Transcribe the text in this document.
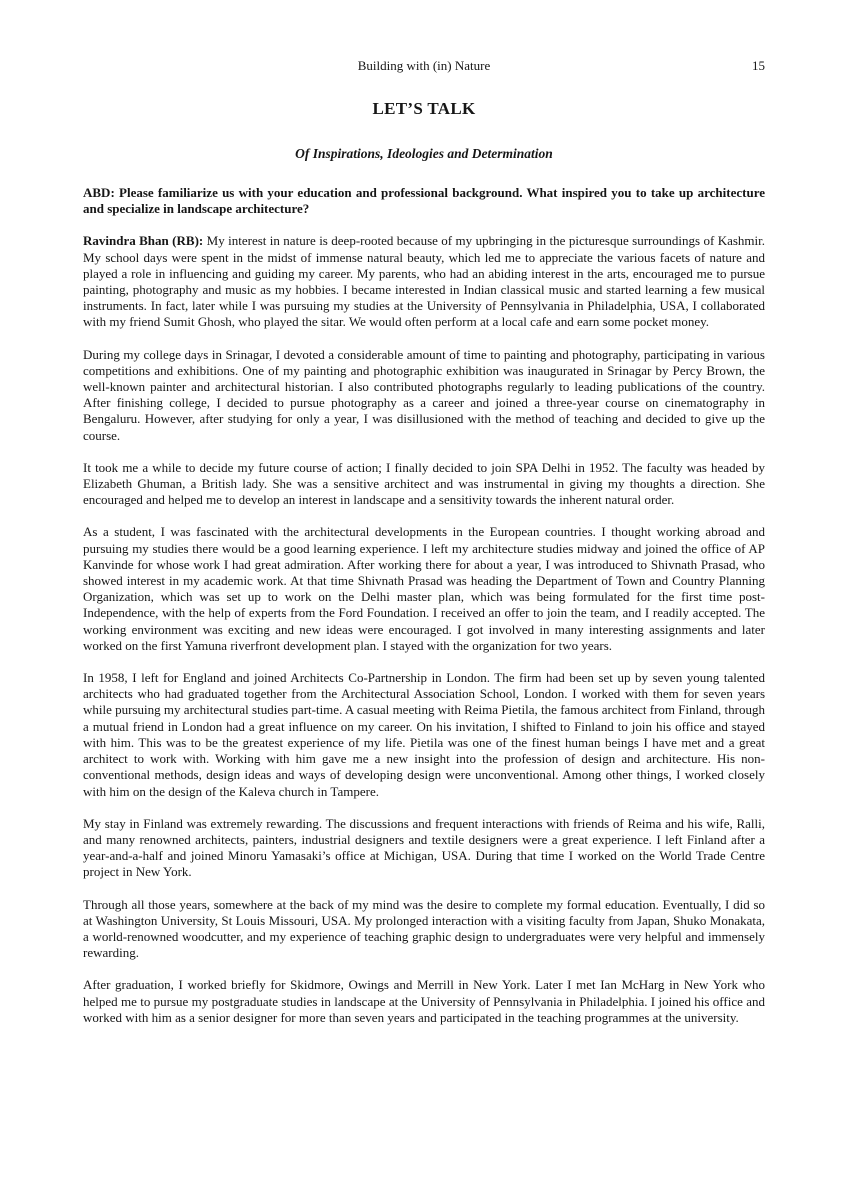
Building with (in) Nature	15
LET’S TALK
Of Inspirations, Ideologies and Determination

ABD: Please familiarize us with your education and professional background. What inspired you to take up architecture and specialize in landscape architecture?

Ravindra Bhan (RB): My interest in nature is deep-rooted because of my upbringing in the picturesque surroundings of Kashmir. My school days were spent in the midst of immense natural beauty, which led me to appreciate the various facets of nature and played a role in influencing and guiding my career. My parents, who had an abiding interest in the arts, encouraged me to pursue painting, photography and music as my hobbies. I became interested in Indian classical music and started learning a few musical instruments. In fact, later while I was pursuing my studies at the University of Pennsylvania in Philadelphia, USA, I collaborated with my friend Sumit Ghosh, who played the sitar. We would often perform at a local cafe and earn some pocket money.

During my college days in Srinagar, I devoted a considerable amount of time to painting and photography, participating in various competitions and exhibitions. One of my painting and photographic exhibition was inaugurated in Srinagar by Percy Brown, the well-known painter and architectural historian. I also contributed photographs regularly to leading publications of the country. After finishing college, I decided to pursue photography as a career and joined a three-year course on cinematography in Bengaluru. However, after studying for only a year, I was disillusioned with the method of teaching and decided to give up the course.

It took me a while to decide my future course of action; I finally decided to join SPA Delhi in 1952. The faculty was headed by Elizabeth Ghuman, a British lady. She was a sensitive architect and was instrumental in giving my thoughts a direction. She encouraged and helped me to develop an interest in landscape and a sensitivity towards the inherent natural order.

As a student, I was fascinated with the architectural developments in the European countries. I thought working abroad and pursuing my studies there would be a good learning experience. I left my architecture studies midway and joined the office of AP Kanvinde for whose work I had great admiration. After working there for about a year, I was introduced to Shivnath Prasad, who showed interest in my academic work. At that time Shivnath Prasad was heading the Department of Town and Country Planning Organization, which was set up to work on the Delhi master plan, which was being formulated for the first time post-Independence, with the help of experts from the Ford Foundation. I received an offer to join the team, and I readily accepted. The working environment was exciting and new ideas were encouraged. I got involved in many interesting assignments and later worked on the first Yamuna riverfront development plan. I stayed with the organization for two years.

In 1958, I left for England and joined Architects Co-Partnership in London. The firm had been set up by seven young talented architects who had graduated together from the Architectural Association School, London. I worked with them for seven years while pursuing my architectural studies part-time. A casual meeting with Reima Pietila, the famous architect from Finland, through a mutual friend in London had a great influence on my career. On his invitation, I shifted to Finland to join his office and stayed with him. This was to be the greatest experience of my life. Pietila was one of the finest human beings I have met and a great architect to work with. Working with him gave me a new insight into the profession of design and architecture. His non-conventional methods, design ideas and ways of developing design were unconventional. Among other things, I worked closely with him on the design of the Kaleva church in Tampere.

My stay in Finland was extremely rewarding. The discussions and frequent interactions with friends of Reima and his wife, Ralli, and many renowned architects, painters, industrial designers and textile designers were a great experience. I left Finland after a year-and-a-half and joined Minoru Yamasaki’s office at Michigan, USA. During that time I worked on the World Trade Centre project in New York.

Through all those years, somewhere at the back of my mind was the desire to complete my formal education. Eventually, I did so at Washington University, St Louis Missouri, USA. My prolonged interaction with a visiting faculty from Japan, Shuko Monakata, a world-renowned woodcutter, and my experience of teaching graphic design to undergraduates were very helpful and immensely rewarding.

After graduation, I worked briefly for Skidmore, Owings and Merrill in New York. Later I met Ian McHarg in New York who helped me to pursue my postgraduate studies in landscape at the University of Pennsylvania in Philadelphia. I joined his office and worked with him as a senior designer for more than seven years and participated in the teaching programmes at the university.
